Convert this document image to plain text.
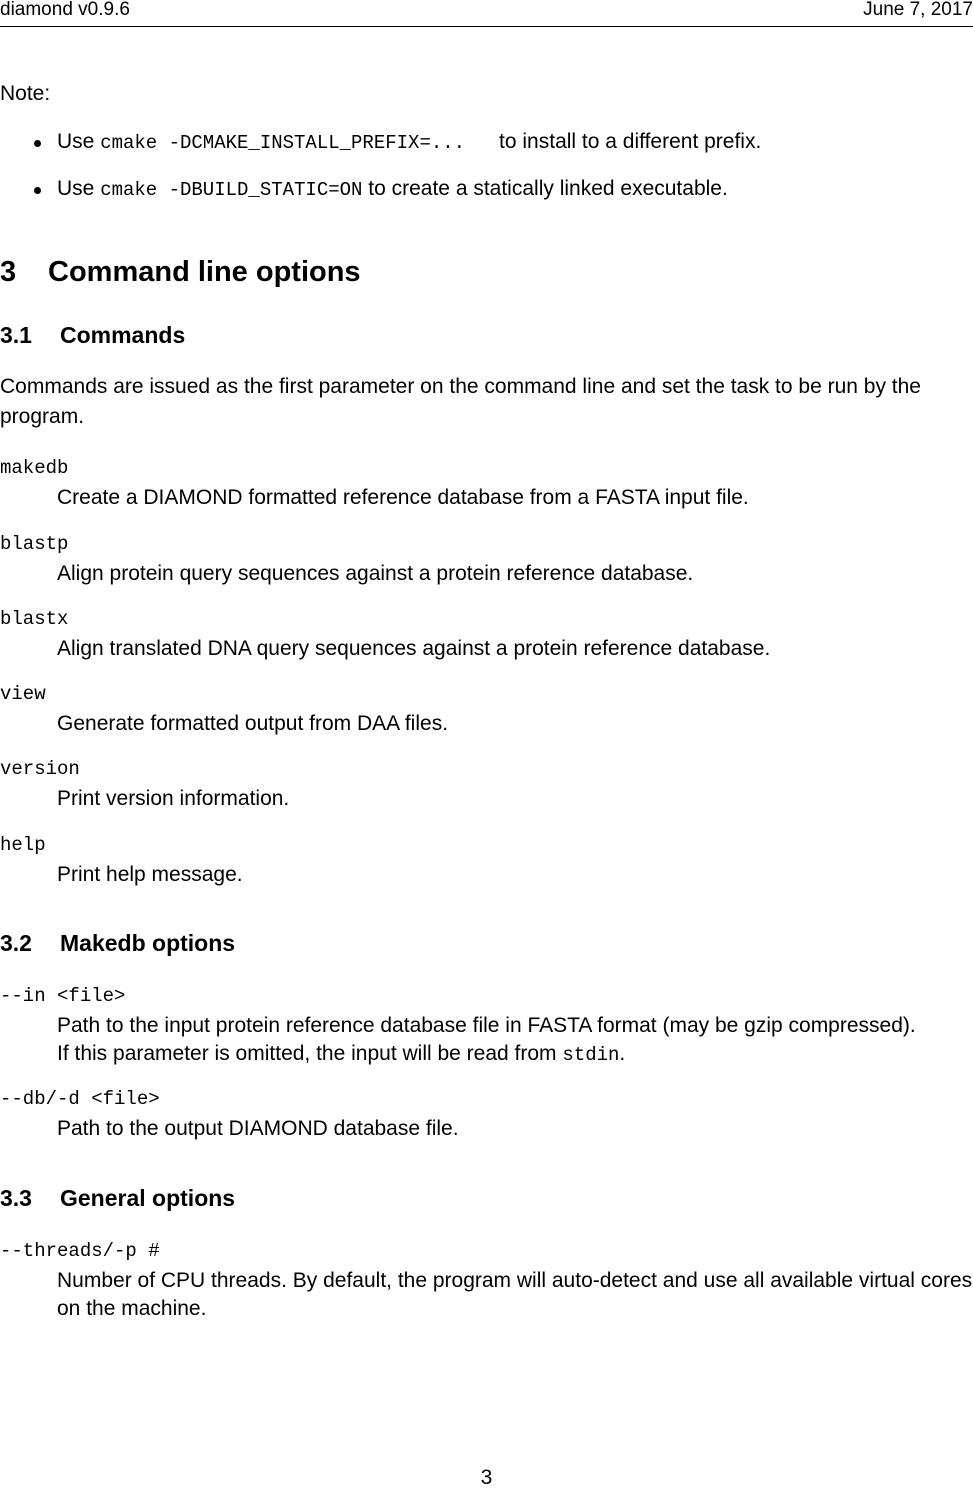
diamond v0.9.6	June 7, 2017
Note:
Use cmake -DCMAKE_INSTALL_PREFIX=... to install to a different prefix.
Use cmake -DBUILD_STATIC=ON to create a statically linked executable.
3 Command line options
3.1 Commands
Commands are issued as the first parameter on the command line and set the task to be run by the program.
makedb
Create a DIAMOND formatted reference database from a FASTA input file.
blastp
Align protein query sequences against a protein reference database.
blastx
Align translated DNA query sequences against a protein reference database.
view
Generate formatted output from DAA files.
version
Print version information.
help
Print help message.
3.2 Makedb options
--in <file>
Path to the input protein reference database file in FASTA format (may be gzip compressed).
If this parameter is omitted, the input will be read from stdin.
--db/-d <file>
Path to the output DIAMOND database file.
3.3 General options
--threads/-p #
Number of CPU threads. By default, the program will auto-detect and use all available virtual cores on the machine.
3
